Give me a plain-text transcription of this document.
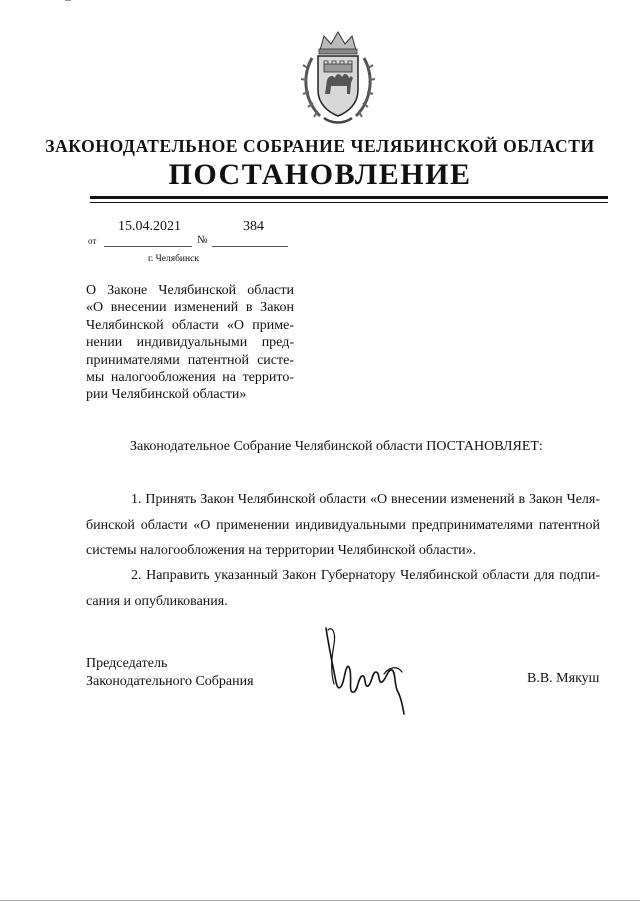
ЗАКОНОДАТЕЛЬНОЕ СОБРАНИЕ ЧЕЛЯБИНСКОЙ ОБЛАСТИ
ПОСТАНОВЛЕНИЕ
15.04.2021	384
от	№
г. Челябинск
О Законе Челябинской области
«О внесении изменений в Закон
Челябинской области «О приме-
нении индивидуальными пред-
принимателями патентной систе-
мы налогообложения на террито-
рии Челябинской области»
Законодательное Собрание Челябинской области ПОСТАНОВЛЯЕТ:
1. Принять Закон Челябинской области «О внесении изменений в Закон Челя-
бинской области «О применении индивидуальными предпринимателями патентной
системы налогообложения на территории Челябинской области».
2. Направить указанный Закон Губернатору Челябинской области для подпи-
сания и опубликования.
Председатель
Законодательного Собрания	В.В. Мякуш
